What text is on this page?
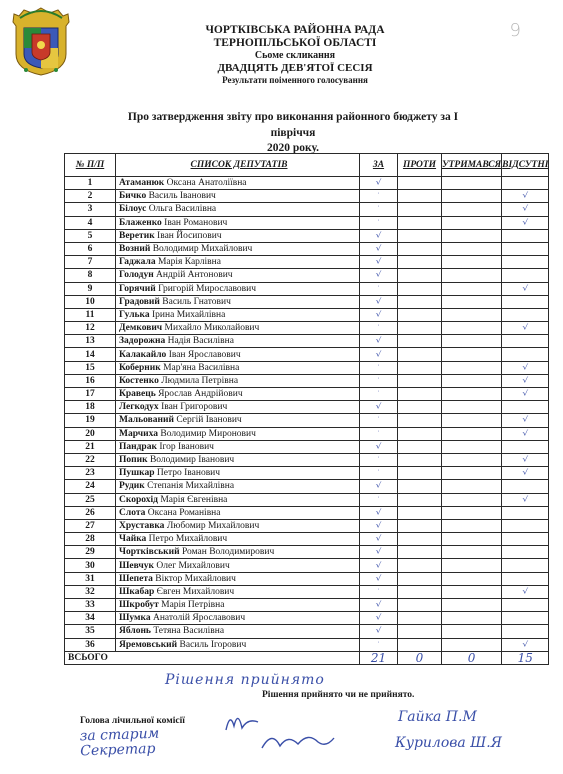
9
ЧОРТКІВСЬКА РАЙОННА РАДА
ТЕРНОПІЛЬСЬКОЇ ОБЛАСТІ
Сьоме скликання
ДВАДЦЯТЬ ДЕВ'ЯТОЇ СЕСІЯ
Результати поіменного голосування
Про затвердження звіту про виконання районного бюджету за І півріччя
2020 року.
№ П/П	СПИСОК ДЕПУТАТІВ	ЗА	ПРОТИ	УТРИМАВСЯ	ВІДСУТНІ
1	Атаманюк Оксана Анатоліївна	√			
2	Бичко Василь Іванович	˙			√
3	Білоус Ольга Василівна	˙			√
4	Блаженко Іван Романович	˙			√
5	Веретик Іван Йосипович	√			
6	Возний Володимир Михайлович	√			
7	Гаджала Марія Карлівна	√			
8	Голодун Андрій Антонович	√			
9	Горячий Григорій Мирославович	˙			√
10	Градовий Василь Гнатович	√			
11	Гулька Ірина Михайлівна	√			
12	Демкович Михайло Миколайович	˙			√
13	Задорожна Надія Василівна	√			
14	Калакайло Іван Ярославович	√			
15	Коберник Мар'яна Василівна	˙			√
16	Костенко Людмила Петрівна	˙			√
17	Кравець Ярослав Андрійович	˙			√
18	Легкодух Іван Григорович	√			
19	Мальований Сергій Іванович	˙			√
20	Марчиха Володимир Миронович	˙			√
21	Пандрак Ігор Іванович	√			
22	Попик Володимир Іванович	˙			√
23	Пушкар Петро Іванович	˙			√
24	Рудик Степанія Михайлівна	√			
25	Скорохід Марія Євгенівна	˙			√
26	Слота Оксана Романівна	√			
27	Хруставка Любомир Михайлович	√			
28	Чайка Петро Михайлович	√			
29	Чортківський Роман Володимирович	√			
30	Шевчук Олег Михайлович	√			
31	Шепета Віктор Михайлович	√			
32	Шкабар Євген Михайлович	˙			√
33	Шкробут Марія Петрівна	√			
34	Шумка Анатолій Ярославович	√			
35	Яблонь Тетяна Василівна	√			
36	Яремовський Василь Ігорович	˙			√
ВСЬОГО		21	0	0	15
Рішення прийнято
Рішення прийнято чи не прийнято.
Голова лічильної комісії
за старим
Секретар
Гайка П.М
Курилова Ш.Я
